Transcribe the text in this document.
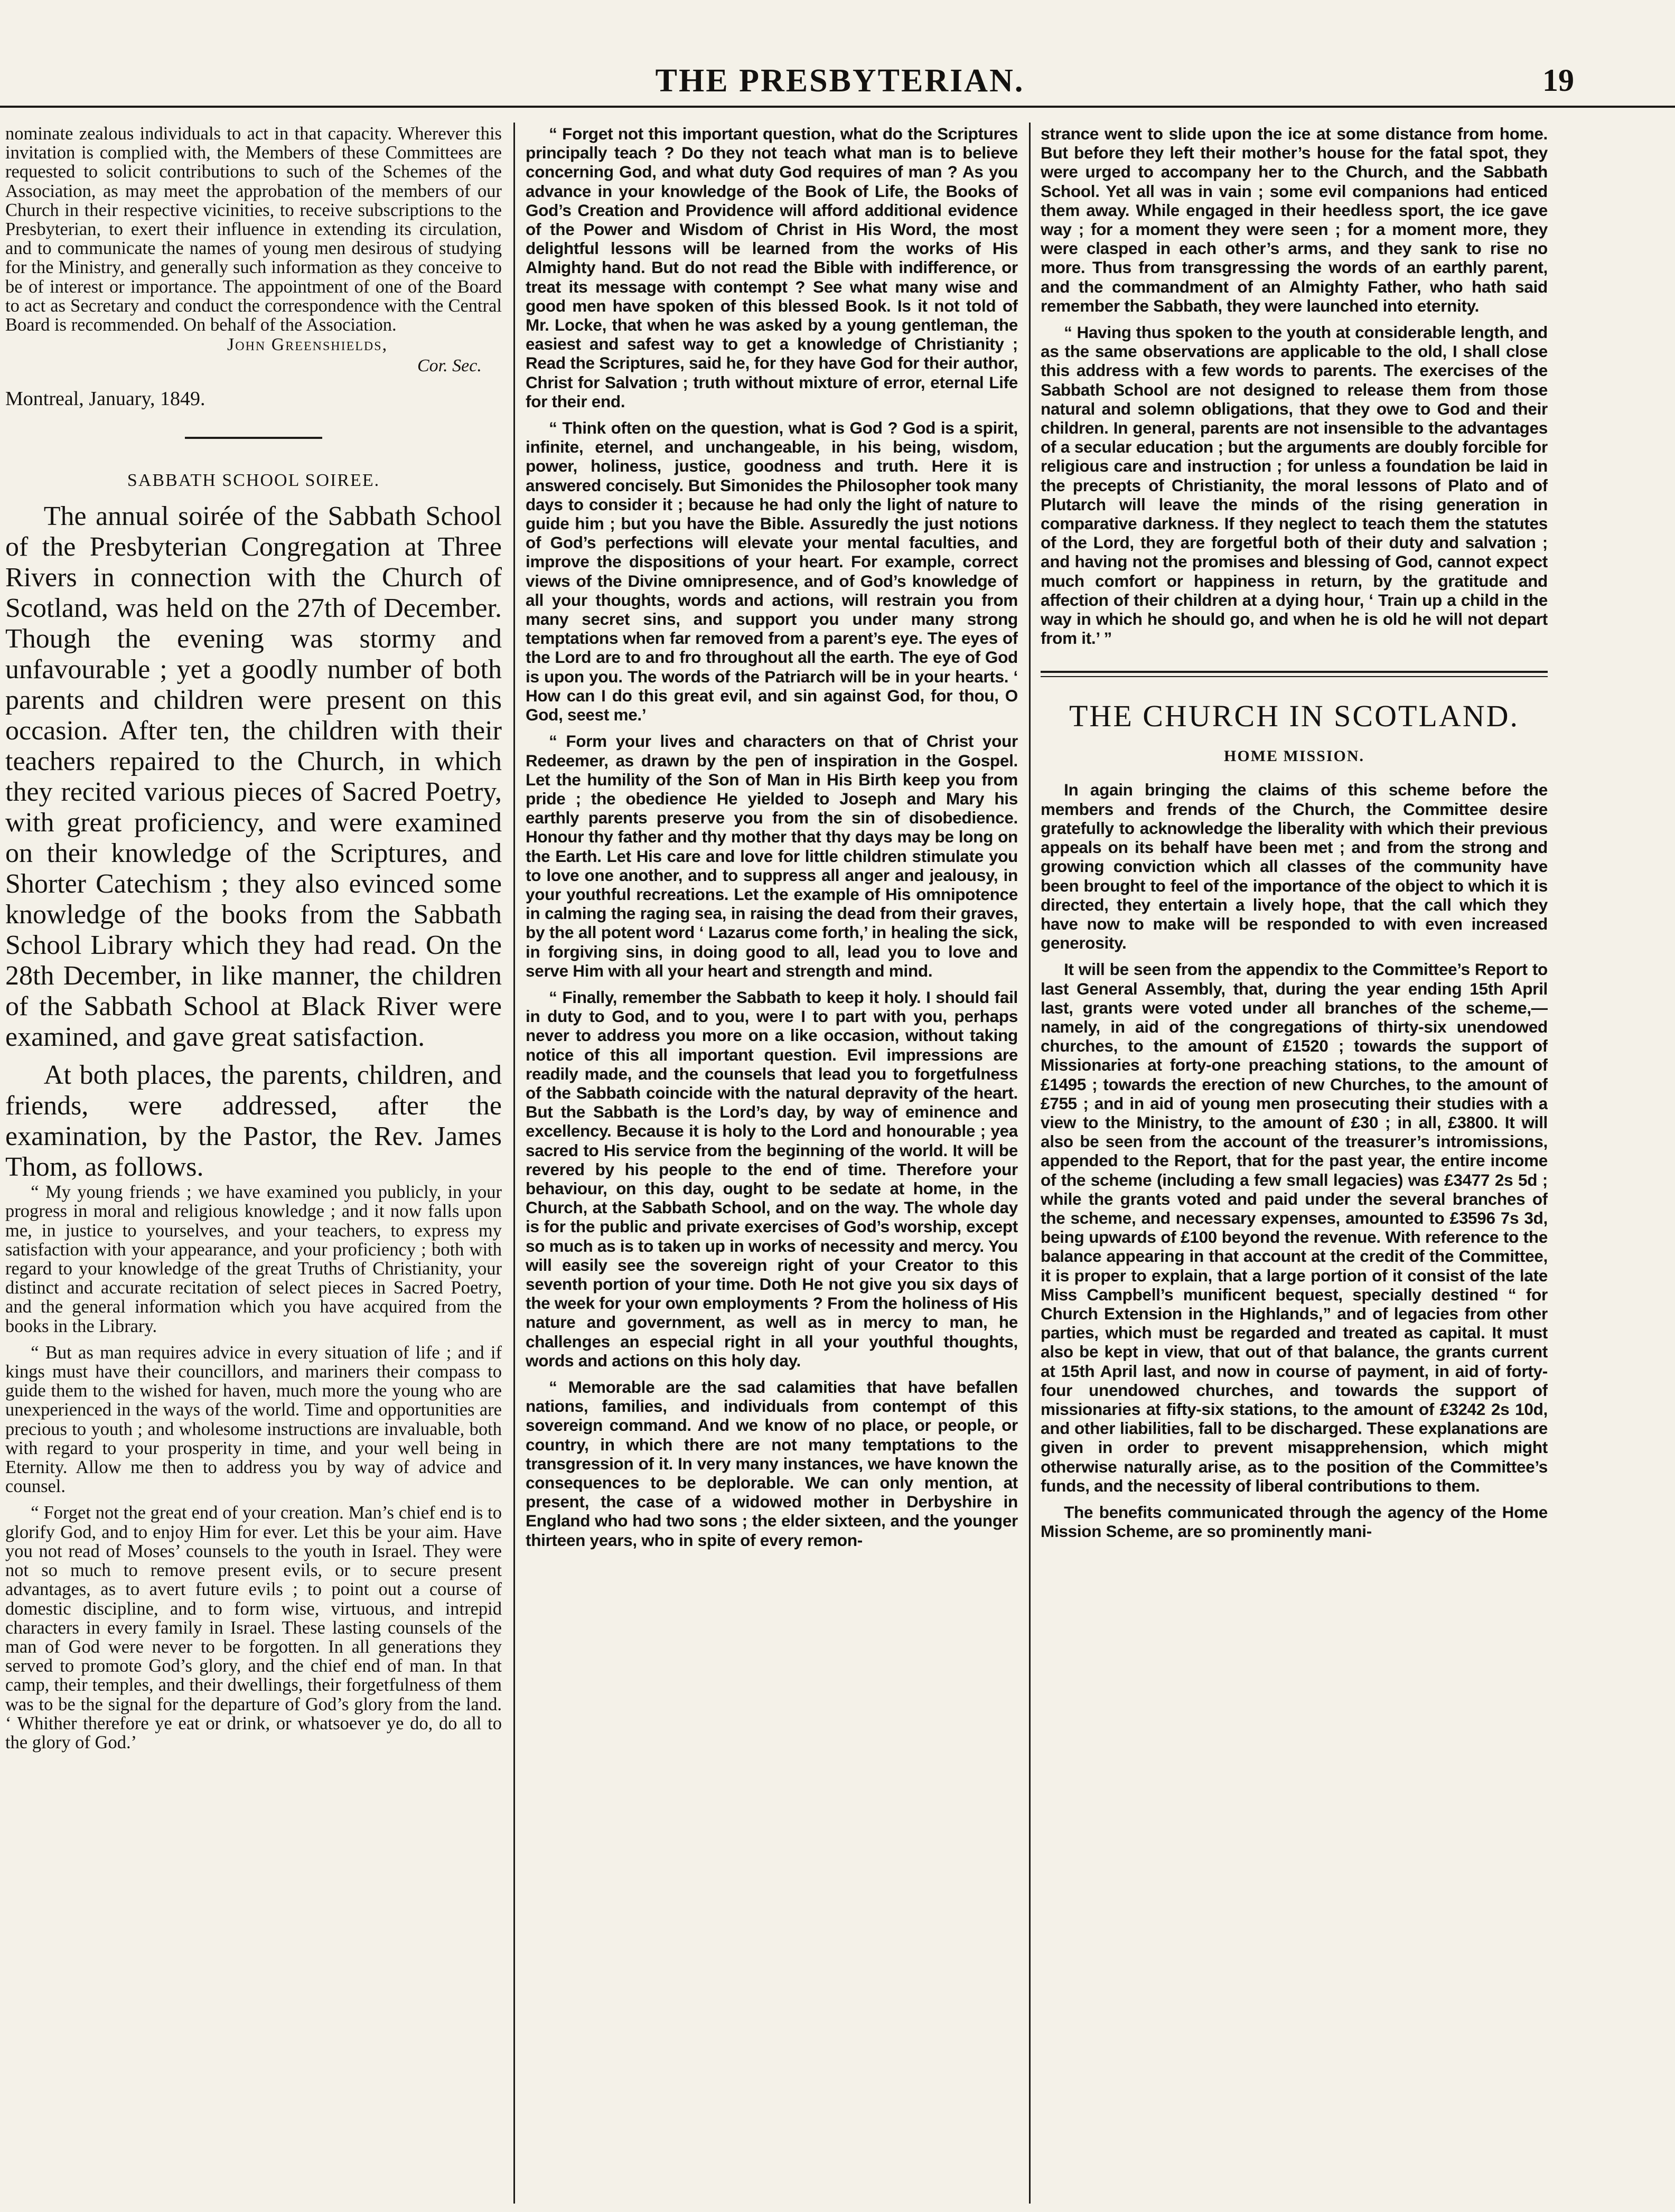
THE PRESBYTERIAN.	19

nominate zealous individuals to act in that capacity. Wherever this invitation is complied with, the Members of these Committees are requested to solicit contributions to such of the Schemes of the Association, as may meet the approbation of the members of our Church in their respective vicinities, to receive subscriptions to the Presbyterian, to exert their influence in extending its circulation, and to communicate the names of young men desirous of studying for the Ministry, and generally such information as they conceive to be of interest or importance. The appointment of one of the Board to act as Secretary and conduct the correspondence with the Central Board is recommended. On behalf of the Association.

John Greenshields,
Cor. Sec.
Montreal, January, 1849.
SABBATH SCHOOL SOIREE.

The annual soirée of the Sabbath School of the Presbyterian Congregation at Three Rivers in connection with the Church of Scotland, was held on the 27th of December. Though the evening was stormy and unfavourable ; yet a goodly number of both parents and children were present on this occasion. After ten, the children with their teachers repaired to the Church, in which they recited various pieces of Sacred Poetry, with great proficiency, and were examined on their knowledge of the Scriptures, and Shorter Catechism ; they also evinced some knowledge of the books from the Sabbath School Library which they had read. On the 28th December, in like manner, the children of the Sabbath School at Black River were examined, and gave great satisfaction.

At both places, the parents, children, and friends, were addressed, after the examination, by the Pastor, the Rev. James Thom, as follows.

“ My young friends ; we have examined you publicly, in your progress in moral and religious knowledge ; and it now falls upon me, in justice to yourselves, and your teachers, to express my satisfaction with your appearance, and your proficiency ; both with regard to your knowledge of the great Truths of Christianity, your distinct and accurate recitation of select pieces in Sacred Poetry, and the general information which you have acquired from the books in the Library.

“ But as man requires advice in every situation of life ; and if kings must have their councillors, and mariners their compass to guide them to the wished for haven, much more the young who are unexperienced in the ways of the world. Time and opportunities are precious to youth ; and wholesome instructions are invaluable, both with regard to your prosperity in time, and your well being in Eternity. Allow me then to address you by way of advice and counsel.

“ Forget not the great end of your creation. Man’s chief end is to glorify God, and to enjoy Him for ever. Let this be your aim. Have you not read of Moses’ counsels to the youth in Israel. They were not so much to remove present evils, or to secure present advantages, as to avert future evils ; to point out a course of domestic discipline, and to form wise, virtuous, and intrepid characters in every family in Israel. These lasting counsels of the man of God were never to be forgotten. In all generations they served to promote God’s glory, and the chief end of man. In that camp, their temples, and their dwellings, their forgetfulness of them was to be the signal for the departure of God’s glory from the land. ‘ Whither therefore ye eat or drink, or whatsoever ye do, do all to the glory of God.’

“ Forget not this important question, what do the Scriptures principally teach ? Do they not teach what man is to believe concerning God, and what duty God requires of man ? As you advance in your knowledge of the Book of Life, the Books of God’s Creation and Providence will afford additional evidence of the Power and Wisdom of Christ in His Word, the most delightful lessons will be learned from the works of His Almighty hand. But do not read the Bible with indifference, or treat its message with contempt ? See what many wise and good men have spoken of this blessed Book. Is it not told of Mr. Locke, that when he was asked by a young gentleman, the easiest and safest way to get a knowledge of Christianity ; Read the Scriptures, said he, for they have God for their author, Christ for Salvation ; truth without mixture of error, eternal Life for their end.

“ Think often on the question, what is God ? God is a spirit, infinite, eternel, and unchangeable, in his being, wisdom, power, holiness, justice, goodness and truth. Here it is answered concisely. But Simonides the Philosopher took many days to consider it ; because he had only the light of nature to guide him ; but you have the Bible. Assuredly the just notions of God’s perfections will elevate your mental faculties, and improve the dispositions of your heart. For example, correct views of the Divine omnipresence, and of God’s knowledge of all your thoughts, words and actions, will restrain you from many secret sins, and support you under many strong temptations when far removed from a parent’s eye. The eyes of the Lord are to and fro throughout all the earth. The eye of God is upon you. The words of the Patriarch will be in your hearts. ‘ How can I do this great evil, and sin against God, for thou, O God, seest me.’

“ Form your lives and characters on that of Christ your Redeemer, as drawn by the pen of inspiration in the Gospel. Let the humility of the Son of Man in His Birth keep you from pride ; the obedience He yielded to Joseph and Mary his earthly parents preserve you from the sin of disobedience. Honour thy father and thy mother that thy days may be long on the Earth. Let His care and love for little children stimulate you to love one another, and to suppress all anger and jealousy, in your youthful recreations. Let the example of His omnipotence in calming the raging sea, in raising the dead from their graves, by the all potent word ‘ Lazarus come forth,’ in healing the sick, in forgiving sins, in doing good to all, lead you to love and serve Him with all your heart and strength and mind.

“ Finally, remember the Sabbath to keep it holy. I should fail in duty to God, and to you, were I to part with you, perhaps never to address you more on a like occasion, without taking notice of this all important question. Evil impressions are readily made, and the counsels that lead you to forgetfulness of the Sabbath coincide with the natural depravity of the heart. But the Sabbath is the Lord’s day, by way of eminence and excellency. Because it is holy to the Lord and honourable ; yea sacred to His service from the beginning of the world. It will be revered by his people to the end of time. Therefore your behaviour, on this day, ought to be sedate at home, in the Church, at the Sabbath School, and on the way. The whole day is for the public and private exercises of God’s worship, except so much as is to taken up in works of necessity and mercy. You will easily see the sovereign right of your Creator to this seventh portion of your time. Doth He not give you six days of the week for your own employments ? From the holiness of His nature and government, as well as in mercy to man, he challenges an especial right in all your youthful thoughts, words and actions on this holy day.

“ Memorable are the sad calamities that have befallen nations, families, and individuals from contempt of this sovereign command. And we know of no place, or people, or country, in which there are not many temptations to the transgression of it. In very many instances, we have known the consequences to be deplorable. We can only mention, at present, the case of a widowed mother in Derbyshire in England who had two sons ; the elder sixteen, and the younger thirteen years, who in spite of every remon-

strance went to slide upon the ice at some distance from home. But before they left their mother’s house for the fatal spot, they were urged to accompany her to the Church, and the Sabbath School. Yet all was in vain ; some evil companions had enticed them away. While engaged in their heedless sport, the ice gave way ; for a moment they were seen ; for a moment more, they were clasped in each other’s arms, and they sank to rise no more. Thus from transgressing the words of an earthly parent, and the commandment of an Almighty Father, who hath said remember the Sabbath, they were launched into eternity.

“ Having thus spoken to the youth at considerable length, and as the same observations are applicable to the old, I shall close this address with a few words to parents. The exercises of the Sabbath School are not designed to release them from those natural and solemn obligations, that they owe to God and their children. In general, parents are not insensible to the advantages of a secular education ; but the arguments are doubly forcible for religious care and instruction ; for unless a foundation be laid in the precepts of Christianity, the moral lessons of Plato and of Plutarch will leave the minds of the rising generation in comparative darkness. If they neglect to teach them the statutes of the Lord, they are forgetful both of their duty and salvation ; and having not the promises and blessing of God, cannot expect much comfort or happiness in return, by the gratitude and affection of their children at a dying hour, ‘ Train up a child in the way in which he should go, and when he is old he will not depart from it.’ ”

THE CHURCH IN SCOTLAND.
HOME MISSION.

In again bringing the claims of this scheme before the members and frends of the Church, the Committee desire gratefully to acknowledge the liberality with which their previous appeals on its behalf have been met ; and from the strong and growing conviction which all classes of the community have been brought to feel of the importance of the object to which it is directed, they entertain a lively hope, that the call which they have now to make will be responded to with even increased generosity.

It will be seen from the appendix to the Committee’s Report to last General Assembly, that, during the year ending 15th April last, grants were voted under all branches of the scheme,—namely, in aid of the congregations of thirty-six unendowed churches, to the amount of £1520 ; towards the support of Missionaries at forty-one preaching stations, to the amount of £1495 ; towards the erection of new Churches, to the amount of £755 ; and in aid of young men prosecuting their studies with a view to the Ministry, to the amount of £30 ; in all, £3800. It will also be seen from the account of the treasurer’s intromissions, appended to the Report, that for the past year, the entire income of the scheme (including a few small legacies) was £3477 2s 5d ; while the grants voted and paid under the several branches of the scheme, and necessary expenses, amounted to £3596 7s 3d, being upwards of £100 beyond the revenue. With reference to the balance appearing in that account at the credit of the Committee, it is proper to explain, that a large portion of it consist of the late Miss Campbell’s munificent bequest, specially destined “ for Church Extension in the Highlands,” and of legacies from other parties, which must be regarded and treated as capital. It must also be kept in view, that out of that balance, the grants current at 15th April last, and now in course of payment, in aid of forty-four unendowed churches, and towards the support of missionaries at fifty-six stations, to the amount of £3242 2s 10d, and other liabilities, fall to be discharged. These explanations are given in order to prevent misapprehension, which might otherwise naturally arise, as to the position of the Committee’s funds, and the necessity of liberal contributions to them.

The benefits communicated through the agency of the Home Mission Scheme, are so prominently mani-
